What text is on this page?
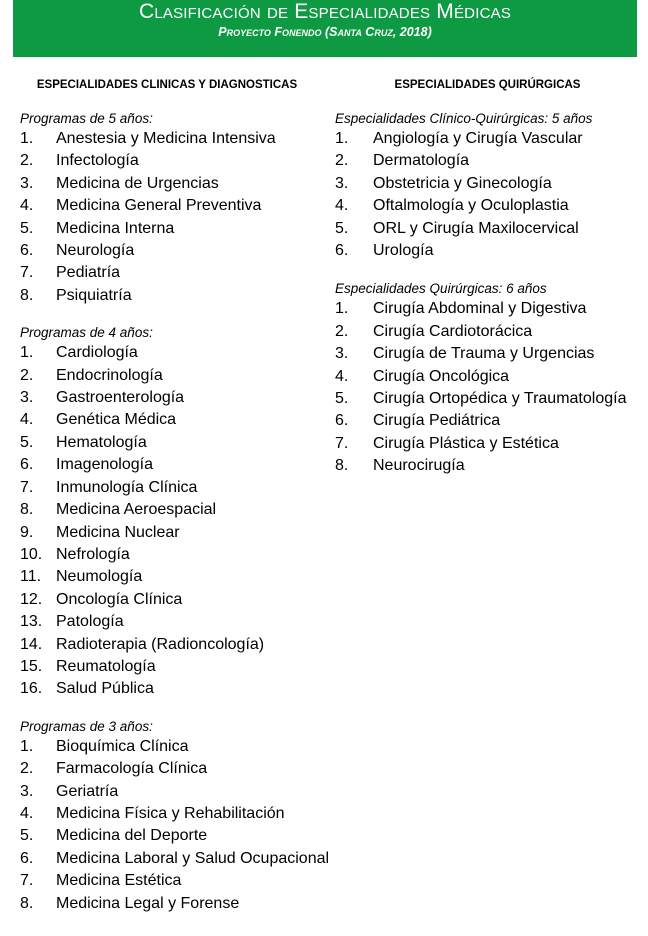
Clasificación de Especialidades Médicas
Proyecto Fonendo (Santa Cruz, 2018)
ESPECIALIDADES CLINICAS Y DIAGNOSTICAS
Programas de 5 años:
1. Anestesia y Medicina Intensiva
2. Infectología
3. Medicina de Urgencias
4. Medicina General Preventiva
5. Medicina Interna
6. Neurología
7. Pediatría
8. Psiquiatría
Programas de 4 años:
1. Cardiología
2. Endocrinología
3. Gastroenterología
4. Genética Médica
5. Hematología
6. Imagenología
7. Inmunología Clínica
8. Medicina Aeroespacial
9. Medicina Nuclear
10. Nefrología
11. Neumología
12. Oncología Clínica
13. Patología
14. Radioterapia (Radioncología)
15. Reumatología
16. Salud Pública
Programas de 3 años:
1. Bioquímica Clínica
2. Farmacología Clínica
3. Geriatría
4. Medicina Física y Rehabilitación
5. Medicina del Deporte
6. Medicina Laboral y Salud Ocupacional
7. Medicina Estética
8. Medicina Legal y Forense
ESPECIALIDADES QUIRÚRGICAS
Especialidades Clínico-Quirúrgicas: 5 años
1. Angiología y Cirugía Vascular
2. Dermatología
3. Obstetricia y Ginecología
4. Oftalmología y Oculoplastia
5. ORL y Cirugía Maxilocervical
6. Urología
Especialidades Quirúrgicas: 6 años
1. Cirugía Abdominal y Digestiva
2. Cirugía Cardiotorácica
3. Cirugía de Trauma y Urgencias
4. Cirugía Oncológica
5. Cirugía Ortopédica y Traumatología
6. Cirugía Pediátrica
7. Cirugía Plástica y Estética
8. Neurocirugía
